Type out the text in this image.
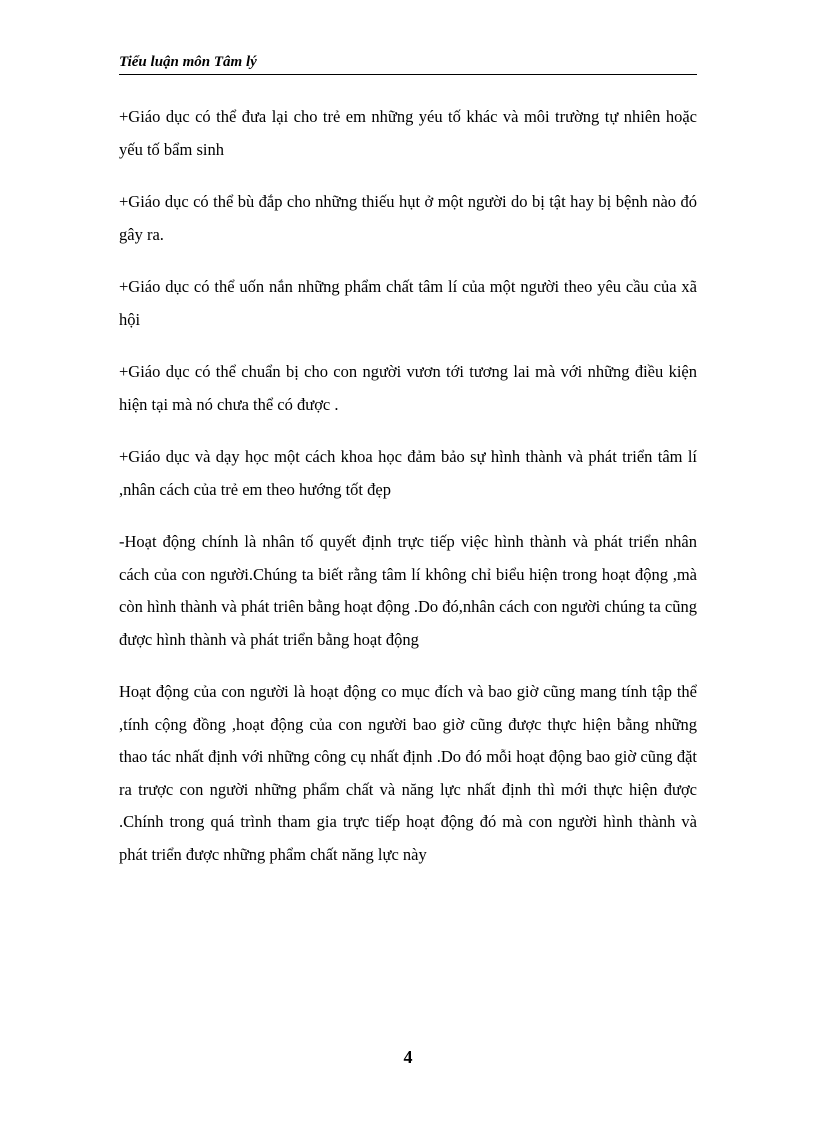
Tiểu luận môn Tâm lý

+Giáo dục có thể đưa lại cho trẻ em những yéu tố khác và môi trường tự nhiên hoặc yếu tố bẩm sinh

+Giáo dục có thể bù đắp cho những thiếu hụt ở một người do bị tật hay bị bệnh nào đó gây ra.

+Giáo dục có thể uốn nắn những phẩm chất tâm lí của một người theo yêu cầu của xã hội

+Giáo dục có thể chuẩn bị cho con người vươn tới tương lai mà với những điều kiện hiện tại mà nó chưa thể có được .

+Giáo dục và dạy học một cách khoa học đảm bảo sự hình thành và phát triển tâm lí ,nhân cách của trẻ em theo hướng tốt đẹp

-Hoạt động chính là nhân tố quyết định trực tiếp việc hình thành và phát triển nhân cách của con người.Chúng ta biết rằng tâm lí không chỉ biểu hiện trong hoạt động ,mà còn hình thành và phát triên bằng hoạt động .Do đó,nhân cách con người chúng ta cũng được hình thành và phát triển bằng hoạt động

Hoạt động của con người là hoạt động co mục đích và bao giờ cũng mang tính tập thể ,tính cộng đồng ,hoạt động của con người bao giờ cũng được thực hiện bằng những thao tác nhất định với những công cụ nhất định .Do đó mỗi hoạt động bao giờ cũng đặt ra trược con người những phẩm chất và năng lực nhất định thì mới thực hiện được .Chính trong quá trình tham gia trực tiếp hoạt động đó mà con người hình thành và phát triển được những phẩm chất năng lực này

4
